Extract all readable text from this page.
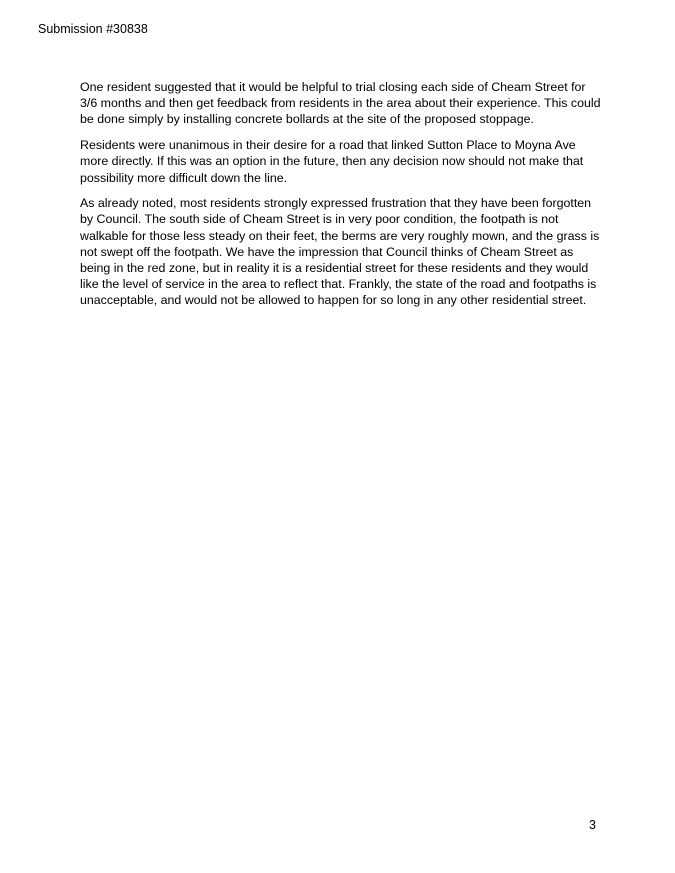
Submission #30838

One resident suggested that it would be helpful to trial closing each side of Cheam Street for 3/6 months and then get feedback from residents in the area about their experience. This could be done simply by installing concrete bollards at the site of the proposed stoppage.

Residents were unanimous in their desire for a road that linked Sutton Place to Moyna Ave more directly. If this was an option in the future, then any decision now should not make that possibility more difficult down the line.

As already noted, most residents strongly expressed frustration that they have been forgotten by Council. The south side of Cheam Street is in very poor condition, the footpath is not walkable for those less steady on their feet, the berms are very roughly mown, and the grass is not swept off the footpath. We have the impression that Council thinks of Cheam Street as being in the red zone, but in reality it is a residential street for these residents and they would like the level of service in the area to reflect that. Frankly, the state of the road and footpaths is unacceptable, and would not be allowed to happen for so long in any other residential street.

3
